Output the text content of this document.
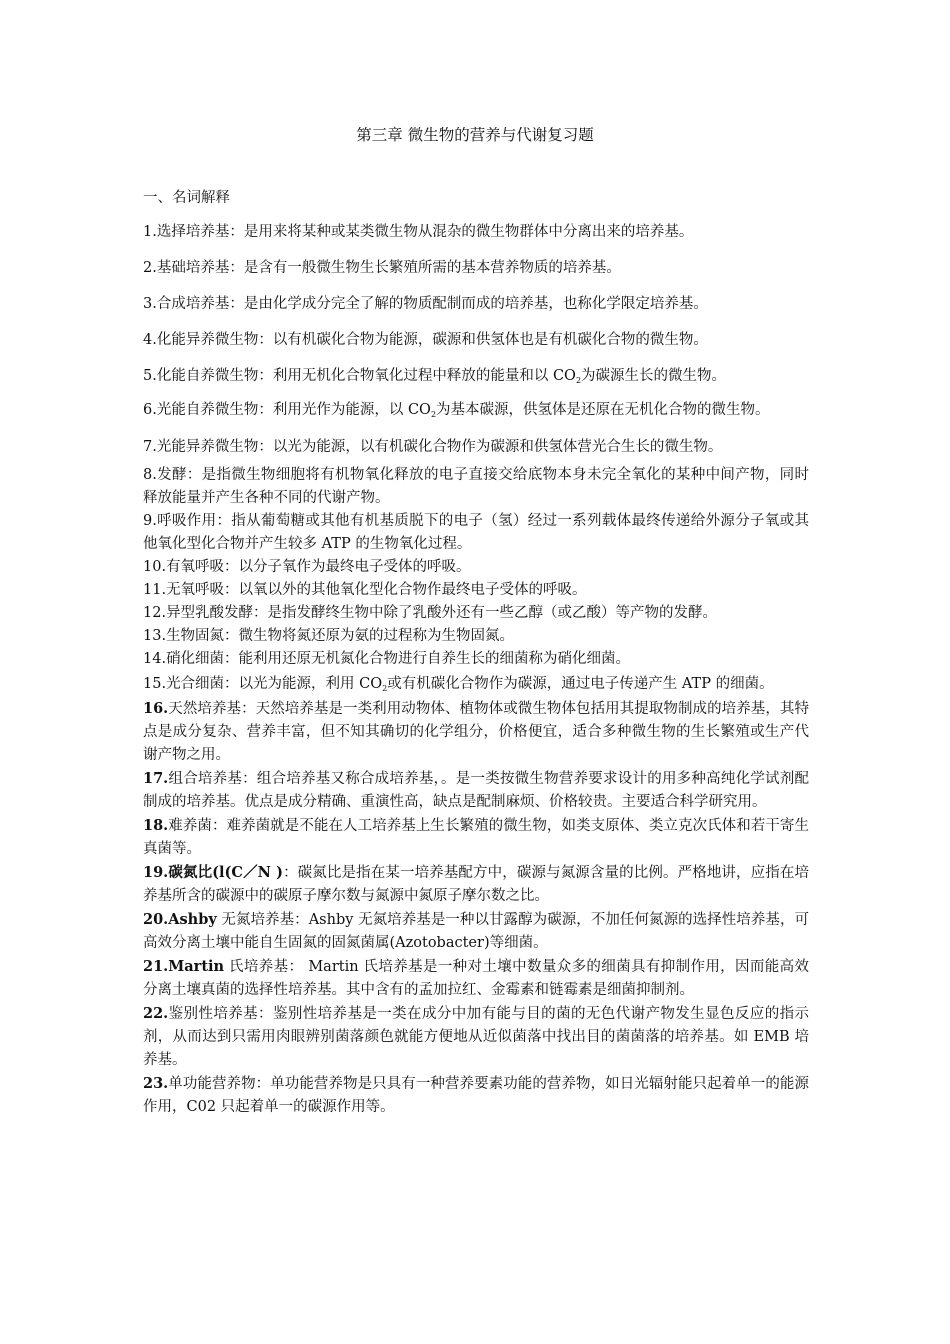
第三章 微生物的营养与代谢复习题
一、名词解释

1.选择培养基：是用来将某种或某类微生物从混杂的微生物群体中分离出来的培养基。

2.基础培养基：是含有一般微生物生长繁殖所需的基本营养物质的培养基。

3.合成培养基：是由化学成分完全了解的物质配制而成的培养基，也称化学限定培养基。

4.化能异养微生物：以有机碳化合物为能源，碳源和供氢体也是有机碳化合物的微生物。

5.化能自养微生物：利用无机化合物氧化过程中释放的能量和以 $CO_2$为碳源生长的微生物。

6.光能自养微生物：利用光作为能源，以 $CO_2$为基本碳源，供氢体是还原在无机化合物的微生物。

7.光能异养微生物：以光为能源，以有机碳化合物作为碳源和供氢体营光合生长的微生物。

8.发酵：是指微生物细胞将有机物氧化释放的电子直接交给底物本身未完全氧化的某种中间产物，同时释放能量并产生各种不同的代谢产物。

9.呼吸作用：指从葡萄糖或其他有机基质脱下的电子（氢）经过一系列载体最终传递给外源分子氧或其他氧化型化合物并产生较多 ATP 的生物氧化过程。

10.有氧呼吸：以分子氧作为最终电子受体的呼吸。

11.无氧呼吸：以氧以外的其他氧化型化合物作最终电子受体的呼吸。

12.异型乳酸发酵：是指发酵终生物中除了乳酸外还有一些乙醇（或乙酸）等产物的发酵。

13.生物固氮：微生物将氮还原为氨的过程称为生物固氮。

14.硝化细菌：能利用还原无机氮化合物进行自养生长的细菌称为硝化细菌。

15.光合细菌：以光为能源，利用 $CO_2$或有机碳化合物作为碳源，通过电子传递产生 ATP 的细菌。

16.天然培养基：天然培养基是一类利用动物体、植物体或微生物体包括用其提取物制成的培养基，其特点是成分复杂、营养丰富，但不知其确切的化学组分，价格便宜，适合多种微生物的生长繁殖或生产代谢产物之用。

17.组合培养基：组合培养基又称合成培养基，。是一类按微生物营养要求设计的用多种高纯化学试剂配制成的培养基。优点是成分精确、重演性高，缺点是配制麻烦、价格较贵。主要适合科学研究用。

18.难养菌：难养菌就是不能在人工培养基上生长繁殖的微生物，如类支原体、类立克次氏体和若干寄生真菌等。

19.碳氮比(l(C／N )：碳氮比是指在某一培养基配方中，碳源与氮源含量的比例。严格地讲，应指在培养基所含的碳源中的碳原子摩尔数与氮源中氮原子摩尔数之比。

20.Ashby 无氮培养基：Ashby 无氮培养基是一种以甘露醇为碳源，不加任何氮源的选择性培养基，可高效分离土壤中能自生固氮的固氮菌属(Azotobacter)等细菌。

21.Martin 氏培养基： Martin 氏培养基是一种对土壤中数量众多的细菌具有抑制作用，因而能高效分离土壤真菌的选择性培养基。其中含有的孟加拉红、金霉素和链霉素是细菌抑制剂。

22.鉴别性培养基：鉴别性培养基是一类在成分中加有能与目的菌的无色代谢产物发生显色反应的指示剂，从而达到只需用肉眼辨别菌落颜色就能方便地从近似菌落中找出目的菌菌落的培养基。如 EMB 培养基。

23.单功能营养物：单功能营养物是只具有一种营养要素功能的营养物，如日光辐射能只起着单一的能源作用，C02 只起着单一的碳源作用等。
